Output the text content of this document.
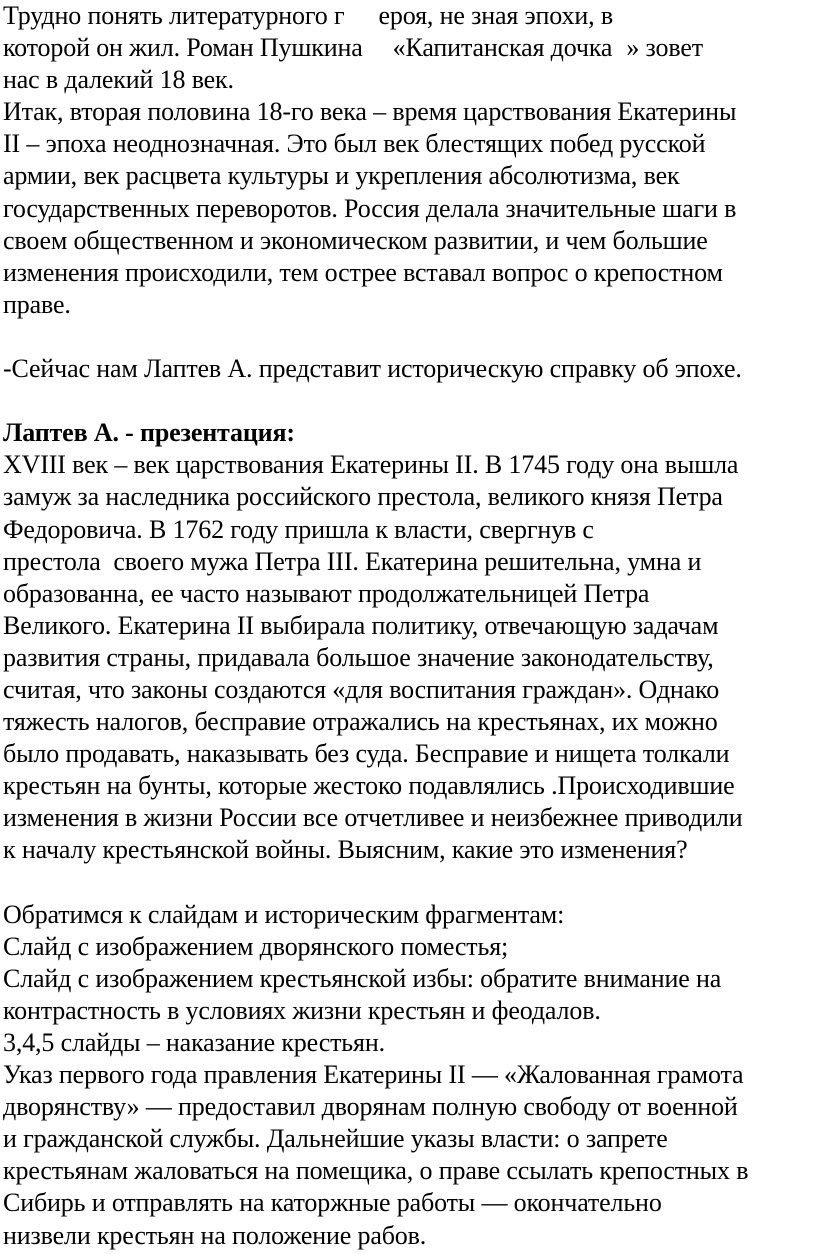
Трудно понять литературного г ероя, не зная эпохи, в
которой он жил. Роман Пушкина «Капитанская дочка » зовет
нас в далекий 18 век.
Итак, вторая половина 18-го века – время царствования Екатерины
II – эпоха неоднозначная. Это был век блестящих побед русской
армии, век расцвета культуры и укрепления абсолютизма, век
государственных переворотов. Россия делала значительные шаги в
своем общественном и экономическом развитии, и чем большие
изменения происходили, тем острее вставал вопрос о крепостном
праве.
-Сейчас нам Лаптев А. представит историческую справку об эпохе.
Лаптев А. - презентация:
XVIII век – век царствования Екатерины II. В 1745 году она вышла
замуж за наследника российского престола, великого князя Петра
Федоровича. В 1762 году пришла к власти, свергнув с
престола  своего мужа Петра III. Екатерина решительна, умна и
образованна, ее часто называют продолжательницей Петра
Великого. Екатерина II выбирала политику, отвечающую задачам
развития страны, придавала большое значение законодательству,
считая, что законы создаются «для воспитания граждан». Однако
тяжесть налогов, бесправие отражались на крестьянах, их можно
было продавать, наказывать без суда. Бесправие и нищета толкали
крестьян на бунты, которые жестоко подавлялись .Происходившие
изменения в жизни России все отчетливее и неизбежнее приводили
к началу крестьянской войны. Выясним, какие это изменения?
Обратимся к слайдам и историческим фрагментам:
Слайд с изображением дворянского поместья;
Слайд с изображением крестьянской избы: обратите внимание на
контрастность в условиях жизни крестьян и феодалов.
3,4,5 слайды – наказание крестьян.
Указ первого года правления Екатерины II — «Жалованная грамота
дворянству» — предоставил дворянам полную свободу от военной
и гражданской службы. Дальнейшие указы власти: о запрете
крестьянам жаловаться на помещика, о праве ссылать крепостных в
Сибирь и отправлять на каторжные работы — окончательно
низвели крестьян на положение рабов.
